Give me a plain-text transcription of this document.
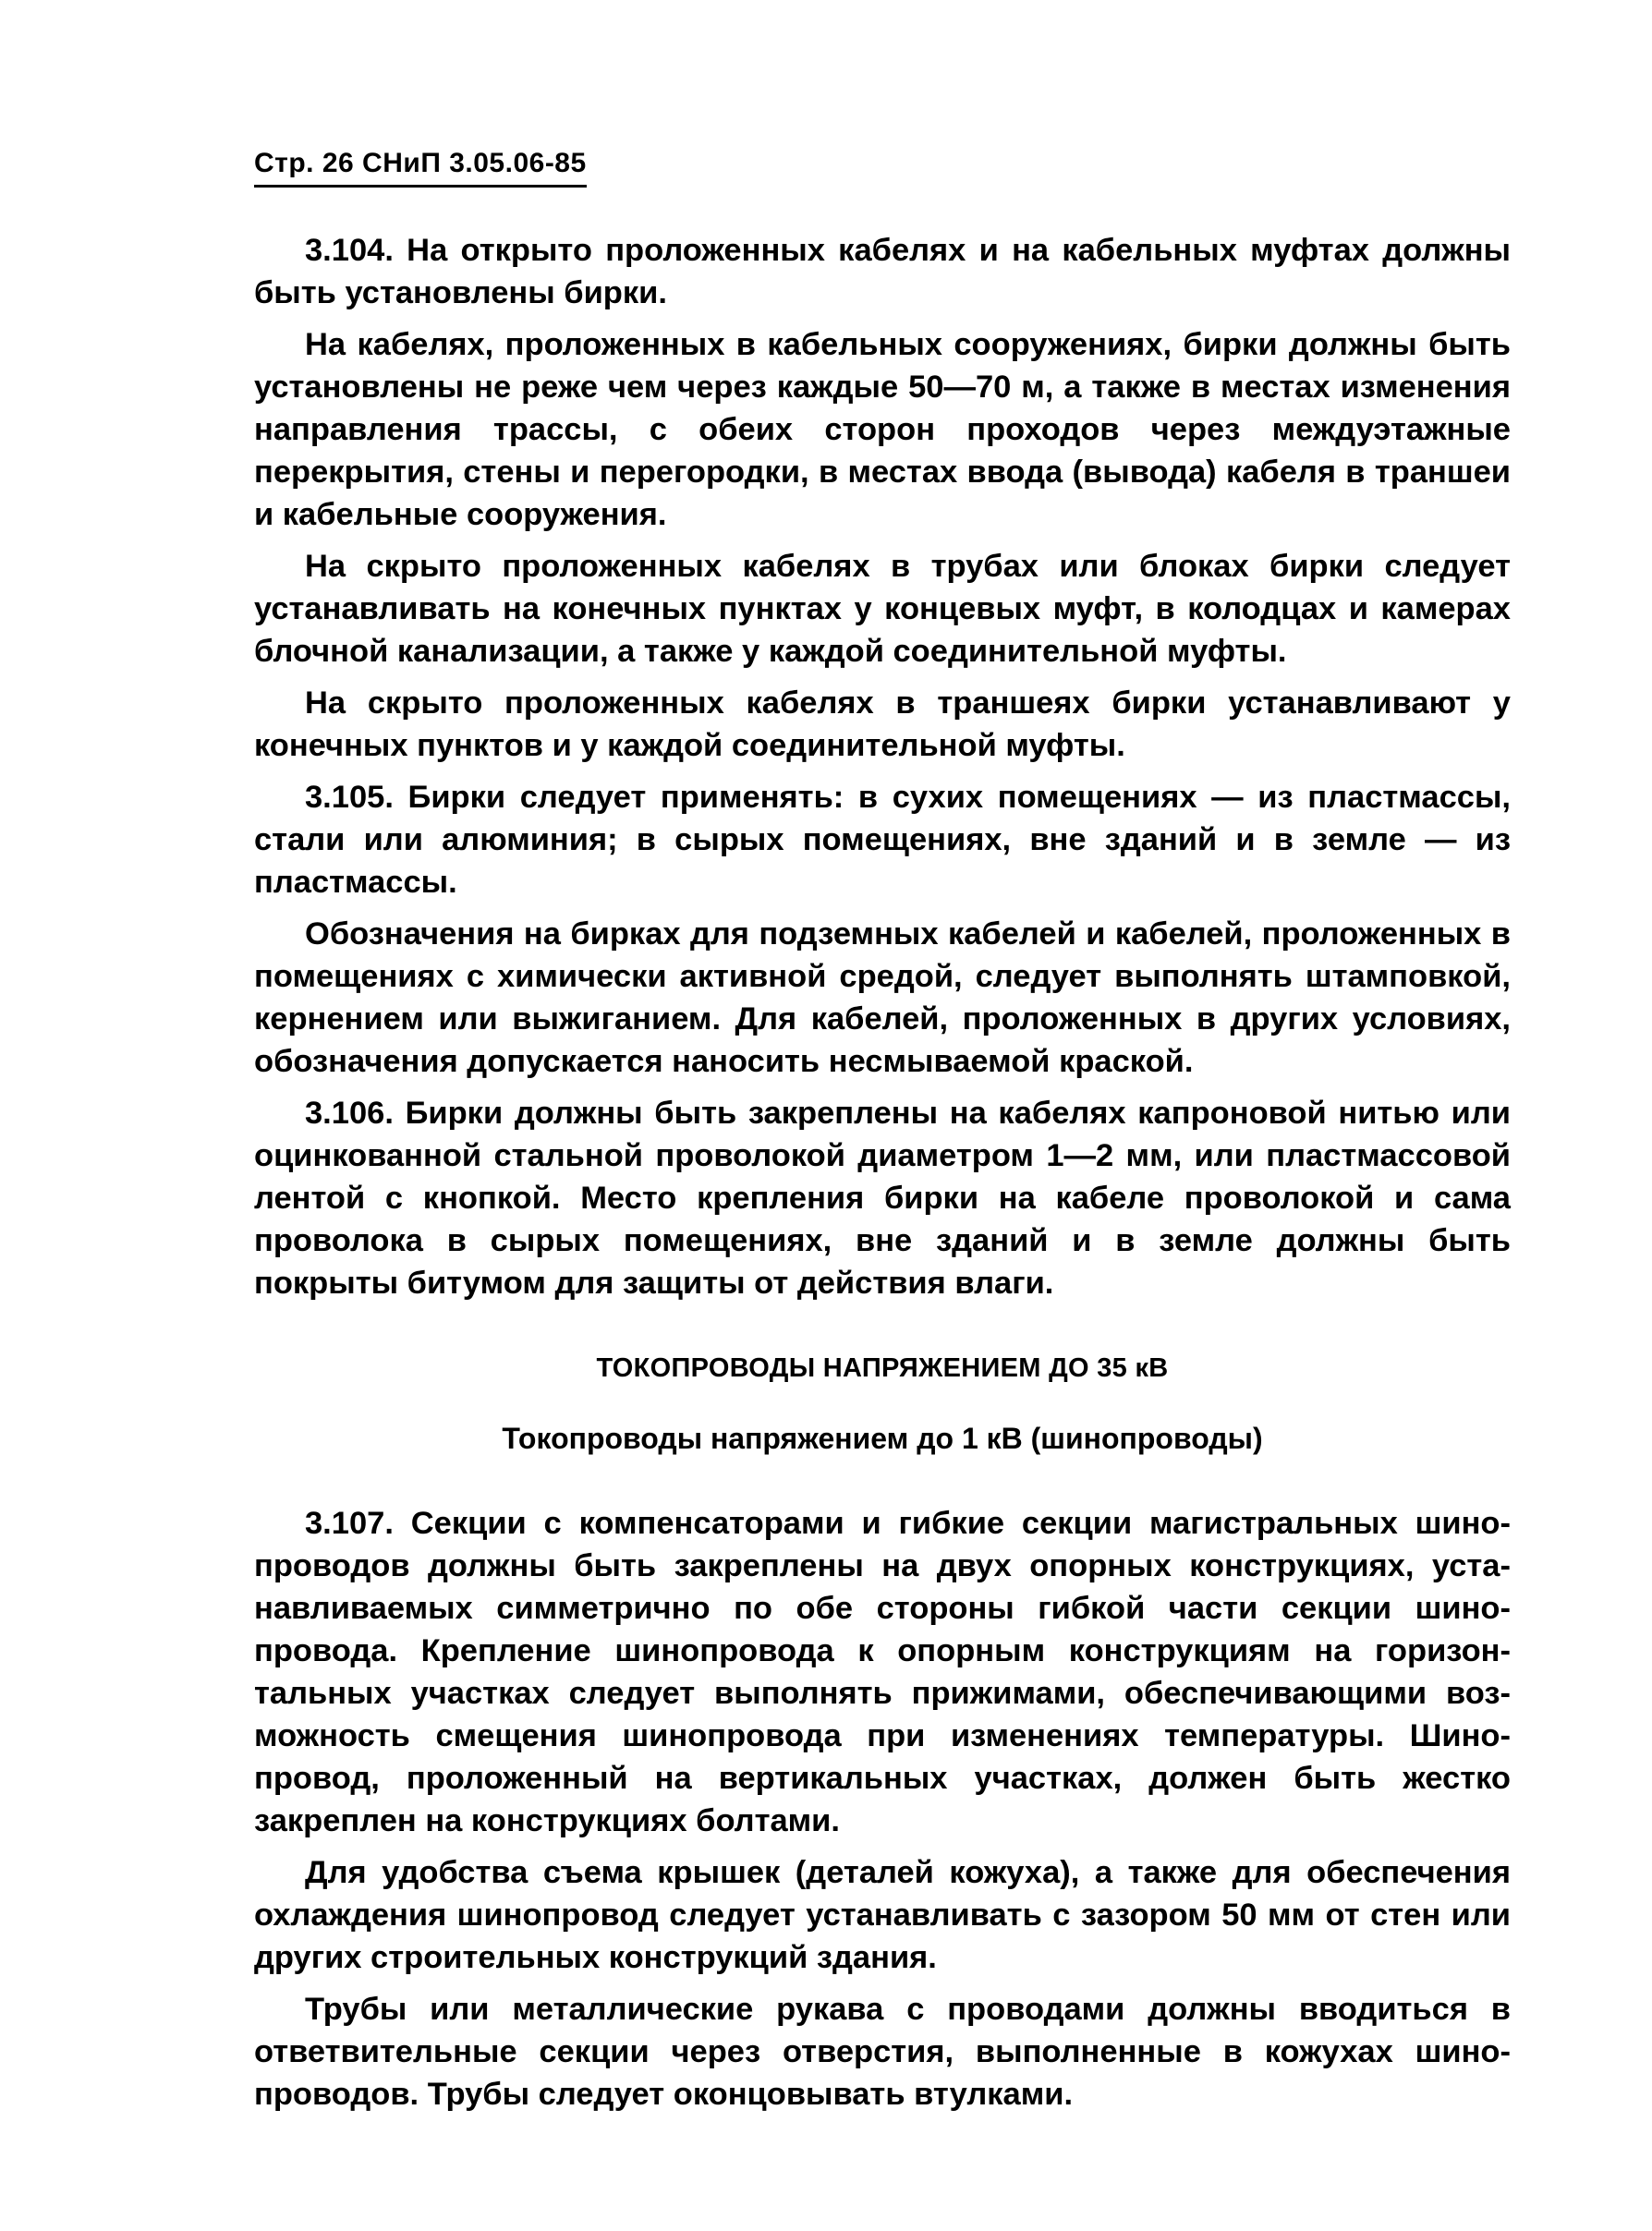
Стр. 26 СНиП 3.05.06-85

3.104. На открыто проложенных кабелях и на кабельных муфтах должны быть установлены бирки.

На кабелях, проложенных в кабельных сооружениях, бирки должны быть установлены не реже чем через каждые 50—70 м, а также в местах изменения направления трассы, с обеих сторон проходов через междуэтажные перекрытия, стены и перегородки, в местах ввода (вывода) кабеля в траншеи и кабельные сооружения.

На скрыто проложенных кабелях в трубах или блоках бирки следует устанавливать на конечных пунктах у концевых муфт, в колодцах и камерах блочной канализации, а также у каждой соединительной муфты.

На скрыто проложенных кабелях в траншеях бирки устанавливают у конечных пунктов и у каждой соединительной муфты.

3.105. Бирки следует применять: в сухих помещениях — из пластмассы, стали или алюминия; в сырых помещениях, вне зданий и в земле — из пластмассы.

Обозначения на бирках для подземных кабелей и кабелей, проложенных в помещениях с химически активной средой, следует выполнять штамповкой, кернением или выжиганием. Для кабелей, проложенных в других условиях, обозначения допускается наносить несмываемой краской.

3.106. Бирки должны быть закреплены на кабелях капроновой нитью или оцинкованной стальной проволокой диаметром 1—2 мм, или пластмассовой лентой с кнопкой. Место крепления бирки на кабеле проволокой и сама проволока в сырых помещениях, вне зданий и в земле должны быть покрыты битумом для защиты от действия влаги.

ТОКОПРОВОДЫ НАПРЯЖЕНИЕМ ДО 35 кВ
Токопроводы напряжением до 1 кВ (шинопроводы)

3.107. Секции с компенсаторами и гибкие секции магистральных шинопроводов должны быть закреплены на двух опорных конструкциях, устанавливаемых симметрично по обе стороны гибкой части секции шинопровода. Крепление шинопровода к опорным конструкциям на горизонтальных участках следует выполнять прижимами, обеспечивающими возможность смещения шинопровода при изменениях температуры. Шинопровод, проложенный на вертикальных участках, должен быть жестко закреплен на конструкциях болтами.

Для удобства съема крышек (деталей кожуха), а также для обеспечения охлаждения шинопровод следует устанавливать с зазором 50 мм от стен или других строительных конструкций здания.

Трубы или металлические рукава с проводами должны вводиться в ответвительные секции через отверстия, выполненные в кожухах шинопроводов. Трубы следует оконцовывать втулками.
